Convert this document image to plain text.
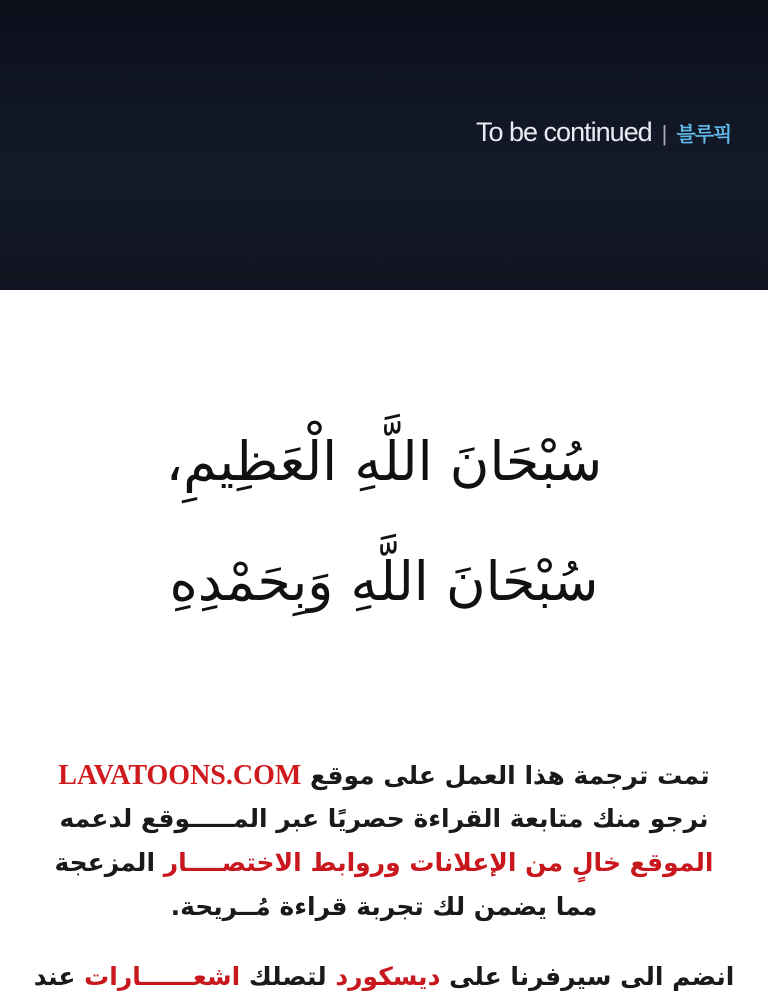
To be continued | 블루픽
سُبْحَانَ اللَّهِ الْعَظِيمِ،
سُبْحَانَ اللَّهِ وَبِحَمْدِهِ
تمت ترجمة هذا العمل على موقع LAVATOONS.COM
نرجو منك متابعة القراءة حصريًا عبر المـــــوقع لدعمه
الموقع خالٍ من الإعلانات وروابط الاختصــــار المزعجة
مما يضمن لك تجربة قراءة مُــريحة.
انضم الى سيرفرنا على ديسكورد لتصلك اشعــــــارات عند
